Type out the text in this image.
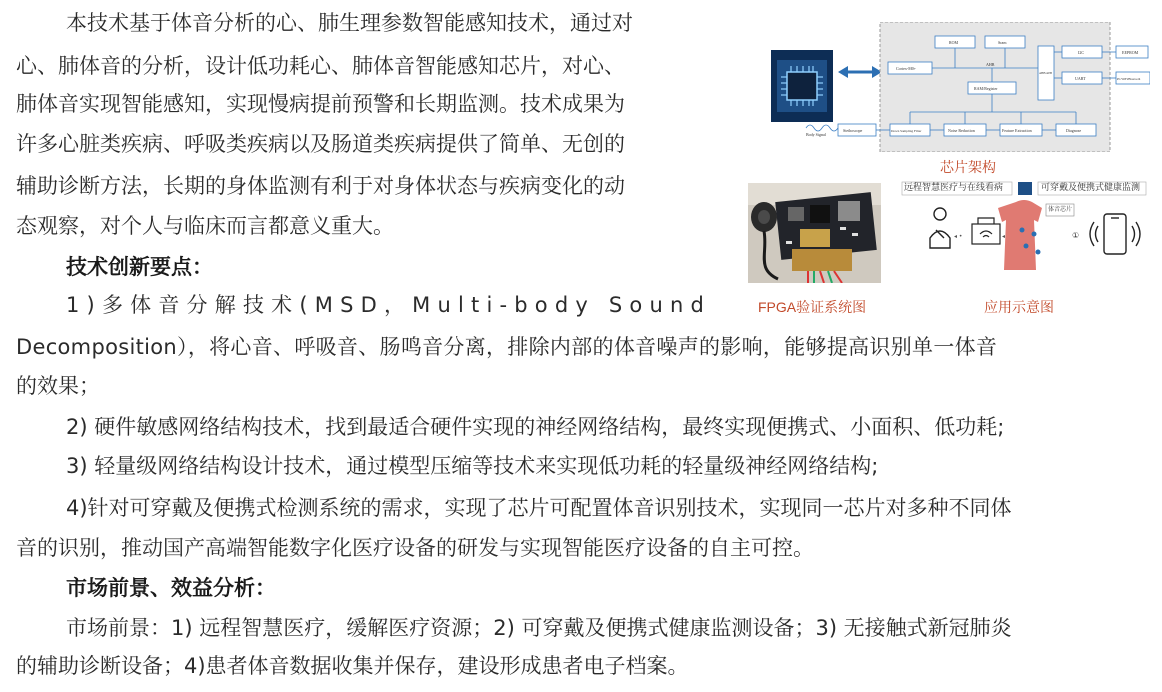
本技术基于体音分析的心、肺生理参数智能感知技术，通过对
心、肺体音的分析，设计低功耗心、肺体音智能感知芯片，对心、
肺体音实现智能感知，实现慢病提前预警和长期监测。技术成果为
许多心脏类疾病、呼吸类疾病以及肠道类疾病提供了简单、无创的
辅助诊断方法，长期的身体监测有利于对身体状态与疾病变化的动
态观察，对个人与临床而言都意义重大。
技术创新要点：
1)多体音分解技术(MSD，Multi-body Sound
Decomposition），将心音、呼吸音、肠鸣音分离，排除内部的体音噪声的影响，能够提高识别单一体音
的效果；
2) 硬件敏感网络结构技术，找到最适合硬件实现的神经网络结构，最终实现便携式、小面积、低功耗;
3) 轻量级网络结构设计技术，通过模型压缩等技术来实现低功耗的轻量级神经网络结构;
4)针对可穿戴及便携式检测系统的需求，实现了芯片可配置体音识别技术，实现同一芯片对多种不同体
音的识别，推动国产高端智能数字化医疗设备的研发与实现智能医疗设备的自主可控。
市场前景、效益分析：
市场前景：1) 远程智慧医疗，缓解医疗资源；2) 可穿戴及便携式健康监测设备；3) 无接触式新冠肺炎
的辅助诊断设备；4)患者体音数据收集并保存，建设形成患者电子档案。
ROM	Sram
Cortex-M0+
AHB
AHB/APB
RAM/Register
I2C
UART
EEPROM
PC/WiFi/Bluetooth
Body Signal
Stethoscope	Down Sampling Filter	Noise Reduction	Feature Extraction	Diagnose
芯片架构
◂ •	◂	①
远程智慧医疗与在线看病	可穿戴及便携式健康监测
体音芯片
FPGA验证系统图	应用示意图
